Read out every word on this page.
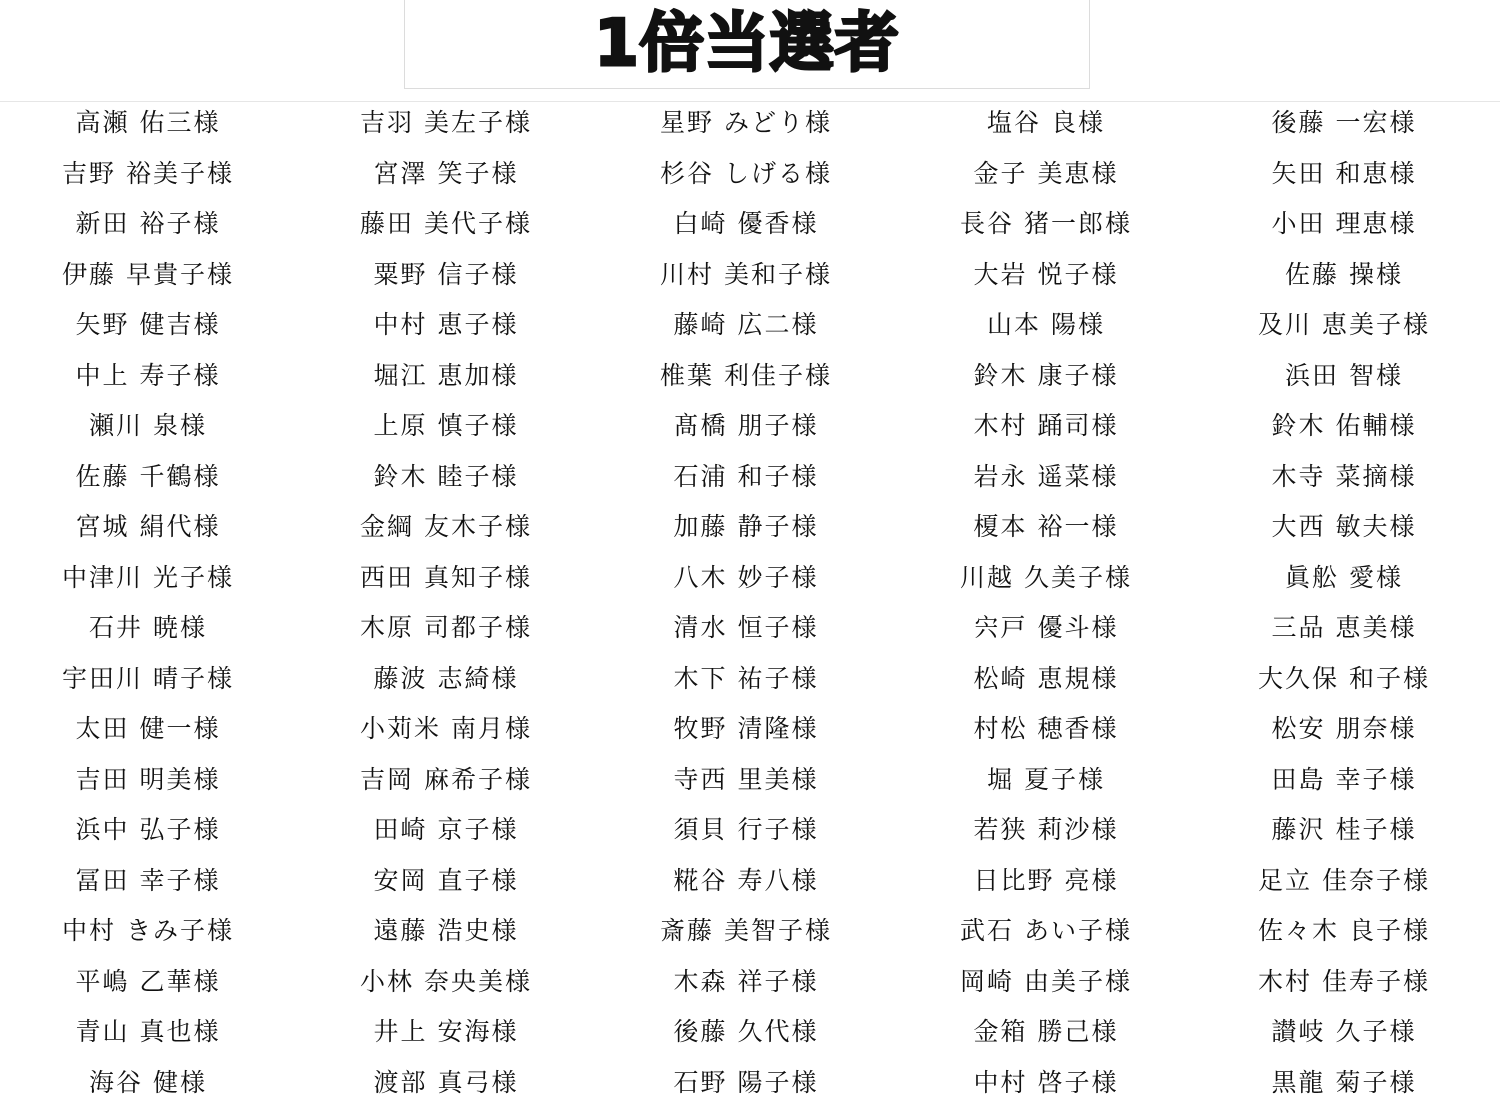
1倍当選者
高瀬 佑三様	吉羽 美左子様	星野 みどり様	塩谷 良様	後藤 一宏様
吉野 裕美子様	宮澤 笑子様	杉谷 しげる様	金子 美恵様	矢田 和恵様
新田 裕子様	藤田 美代子様	白崎 優香様	長谷 猪一郎様	小田 理恵様
伊藤 早貴子様	粟野 信子様	川村 美和子様	大岩 悦子様	佐藤 操様
矢野 健吉様	中村 恵子様	藤崎 広二様	山本 陽様	及川 恵美子様
中上 寿子様	堀江 恵加様	椎葉 利佳子様	鈴木 康子様	浜田 智様
瀬川 泉様	上原 慎子様	髙橋 朋子様	木村 踊司様	鈴木 佑輔様
佐藤 千鶴様	鈴木 睦子様	石浦 和子様	岩永 遥菜様	木寺 菜摘様
宮城 絹代様	金綱 友木子様	加藤 静子様	榎本 裕一様	大西 敏夫様
中津川 光子様	西田 真知子様	八木 妙子様	川越 久美子様	眞舩 愛様
石井 暁様	木原 司都子様	清水 恒子様	宍戸 優斗様	三品 恵美様
宇田川 晴子様	藤波 志綺様	木下 祐子様	松崎 恵規様	大久保 和子様
太田 健一様	小苅米 南月様	牧野 清隆様	村松 穂香様	松安 朋奈様
吉田 明美様	吉岡 麻希子様	寺西 里美様	堀 夏子様	田島 幸子様
浜中 弘子様	田崎 京子様	須貝 行子様	若狭 莉沙様	藤沢 桂子様
冨田 幸子様	安岡 直子様	糀谷 寿八様	日比野 亮様	足立 佳奈子様
中村 きみ子様	遠藤 浩史様	斎藤 美智子様	武石 あい子様	佐々木 良子様
平嶋 乙華様	小林 奈央美様	木森 祥子様	岡崎 由美子様	木村 佳寿子様
青山 真也様	井上 安海様	後藤 久代様	金箱 勝己様	讃岐 久子様
海谷 健様	渡部 真弓様	石野 陽子様	中村 啓子様	黒龍 菊子様
